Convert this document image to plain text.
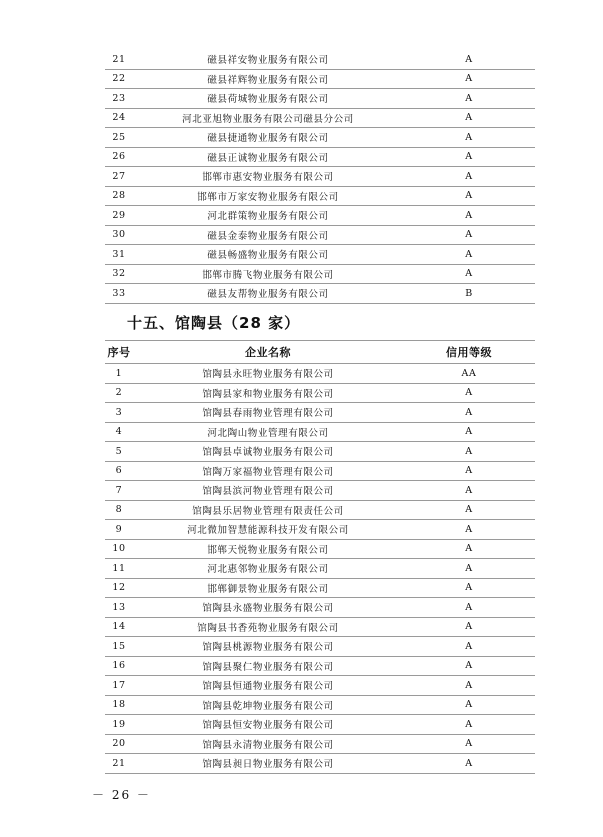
21	磁县祥安物业服务有限公司	A
22	磁县祥辉物业服务有限公司	A
23	磁县荷城物业服务有限公司	A
24	河北亚旭物业服务有限公司磁县分公司	A
25	磁县捷通物业服务有限公司	A
26	磁县正诚物业服务有限公司	A
27	邯郸市惠安物业服务有限公司	A
28	邯郸市万家安物业服务有限公司	A
29	河北群策物业服务有限公司	A
30	磁县金泰物业服务有限公司	A
31	磁县畅盛物业服务有限公司	A
32	邯郸市腾飞物业服务有限公司	A
33	磁县友帮物业服务有限公司	B
十五、馆陶县（28 家）
序号	企业名称	信用等级
1	馆陶县永旺物业服务有限公司	AA
2	馆陶县家和物业服务有限公司	A
3	馆陶县春雨物业管理有限公司	A
4	河北陶山物业管理有限公司	A
5	馆陶县卓诚物业服务有限公司	A
6	馆陶万家福物业管理有限公司	A
7	馆陶县滨河物业管理有限公司	A
8	馆陶县乐居物业管理有限责任公司	A
9	河北微加智慧能源科技开发有限公司	A
10	邯郸天悦物业服务有限公司	A
11	河北惠邻物业服务有限公司	A
12	邯郸御景物业服务有限公司	A
13	馆陶县永盛物业服务有限公司	A
14	馆陶县书香苑物业服务有限公司	A
15	馆陶县桃源物业服务有限公司	A
16	馆陶县聚仁物业服务有限公司	A
17	馆陶县恒通物业服务有限公司	A
18	馆陶县乾坤物业服务有限公司	A
19	馆陶县恒安物业服务有限公司	A
20	馆陶县永清物业服务有限公司	A
21	馆陶县昶日物业服务有限公司	A
－ 26 －
